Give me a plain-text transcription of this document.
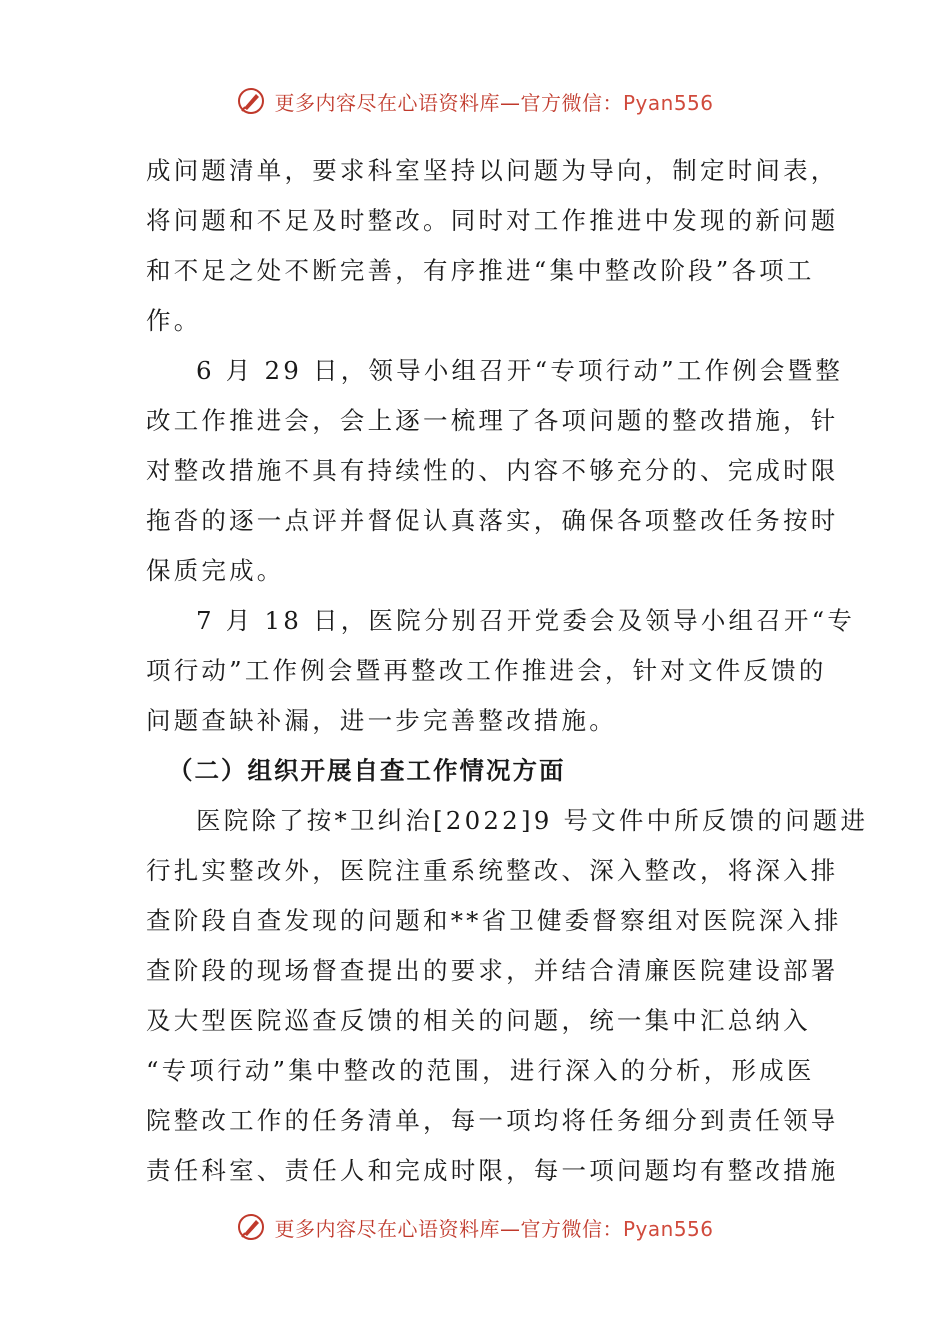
更多内容尽在心语资料库—官方微信：Pyan556
成问题清单，要求科室坚持以问题为导向，制定时间表，
将问题和不足及时整改。同时对工作推进中发现的新问题
和不足之处不断完善，有序推进“集中整改阶段”各项工
作。
6 月 29 日，领导小组召开“专项行动”工作例会暨整
改工作推进会，会上逐一梳理了各项问题的整改措施，针
对整改措施不具有持续性的、内容不够充分的、完成时限
拖沓的逐一点评并督促认真落实，确保各项整改任务按时
保质完成。
7 月 18 日，医院分别召开党委会及领导小组召开“专
项行动”工作例会暨再整改工作推进会，针对文件反馈的
问题查缺补漏，进一步完善整改措施。
（二）组织开展自查工作情况方面
医院除了按*卫纠治[2022]9 号文件中所反馈的问题进
行扎实整改外，医院注重系统整改、深入整改，将深入排
查阶段自查发现的问题和**省卫健委督察组对医院深入排
查阶段的现场督查提出的要求，并结合清廉医院建设部署
及大型医院巡查反馈的相关的问题，统一集中汇总纳入
“专项行动”集中整改的范围，进行深入的分析，形成医
院整改工作的任务清单，每一项均将任务细分到责任领导
责任科室、责任人和完成时限，每一项问题均有整改措施
更多内容尽在心语资料库—官方微信：Pyan556
